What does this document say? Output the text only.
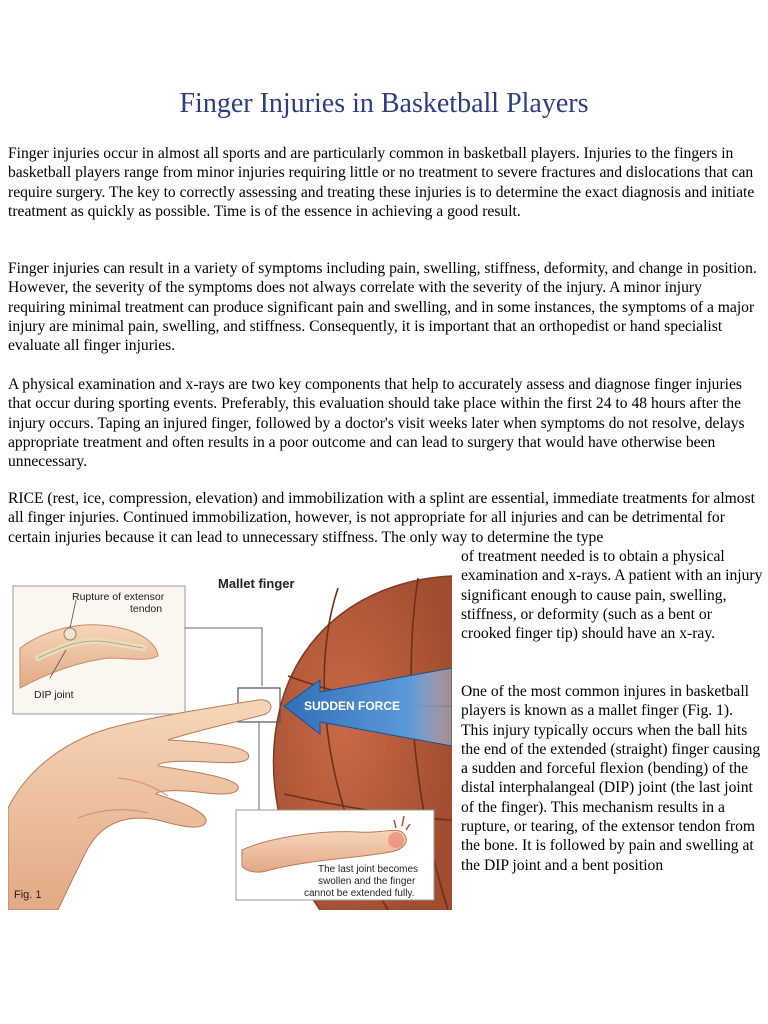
Finger Injuries in Basketball Players

Finger injuries occur in almost all sports and are particularly common in basketball players. Injuries to the fingers in basketball players range from minor injuries requiring little or no treatment to severe fractures and dislocations that can require surgery. The key to correctly assessing and treating these injuries is to determine the exact diagnosis and initiate treatment as quickly as possible. Time is of the essence in achieving a good result.

Finger injuries can result in a variety of symptoms including pain, swelling, stiffness, deformity, and change in position. However, the severity of the symptoms does not always correlate with the severity of the injury. A minor injury requiring minimal treatment can produce significant pain and swelling, and in some instances, the symptoms of a major injury are minimal pain, swelling, and stiffness. Consequently, it is important that an orthopedist or hand specialist evaluate all finger injuries.

A physical examination and x-rays are two key components that help to accurately assess and diagnose finger injuries that occur during sporting events. Preferably, this evaluation should take place within the first 24 to 48 hours after the injury occurs. Taping an injured finger, followed by a doctor's visit weeks later when symptoms do not resolve, delays appropriate treatment and often results in a poor outcome and can lead to surgery that would have otherwise been unnecessary.

RICE (rest, ice, compression, elevation) and immobilization with a splint are essential, immediate treatments for almost all finger injuries. Continued immobilization, however, is not appropriate for all injuries and can be detrimental for certain injuries because it can lead to unnecessary stiffness. The only way to determine the type

of treatment needed is to obtain a physical examination and x-rays. A patient with an injury significant enough to cause pain, swelling, stiffness, or deformity (such as a bent or crooked finger tip) should have an x-ray.

One of the most common injures in basketball players is known as a mallet finger (Fig. 1). This injury typically occurs when the ball hits the end of the extended (straight) finger causing a sudden and forceful flexion (bending) of the distal interphalangeal (DIP) joint (the last joint of the finger). This mechanism results in a rupture, or tearing, of the extensor tendon from the bone. It is followed by pain and swelling at the DIP joint and a bent position

Mallet finger
Rupture of extensor
tendon
DIP joint
SUDDEN FORCE
The last joint becomes
swollen and the finger
cannot be extended fully.
Fig. 1
